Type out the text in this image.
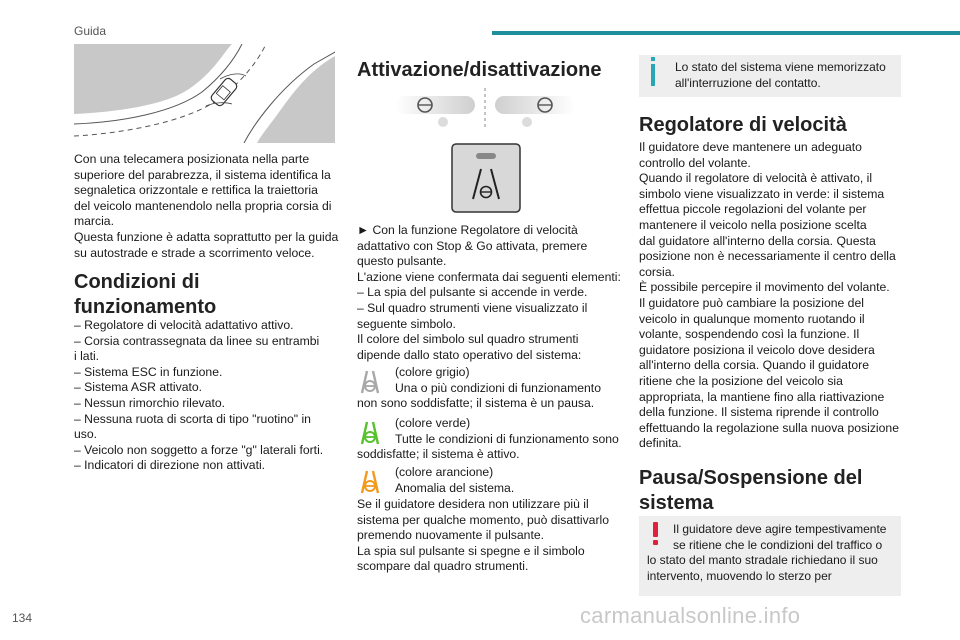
Guida
134	carmanualsonline.info

Con una telecamera posizionata nella parte

superiore del parabrezza, il sistema identifica la

segnaletica orizzontale e rettifica la traiettoria

del veicolo mantenendolo nella propria corsia di

marcia.

Questa funzione è adatta soprattutto per la guida

su autostrade e strade a scorrimento veloce.

Condizioni di

funzionamento

– Regolatore di velocità adattativo attivo.

– Corsia contrassegnata da linee su entrambi

i lati.

– Sistema ESC in funzione.

– Sistema ASR attivato.

– Nessun rimorchio rilevato.

– Nessuna ruota di scorta di tipo "ruotino" in

uso.

– Veicolo non soggetto a forze "g" laterali forti.

– Indicatori di direzione non attivati.

Attivazione/disattivazione

► Con la funzione Regolatore di velocità

adattativo con Stop & Go attivata, premere

questo pulsante.

L'azione viene confermata dai seguenti elementi:

– La spia del pulsante si accende in verde.

– Sul quadro strumenti viene visualizzato il

seguente simbolo.

Il colore del simbolo sul quadro strumenti

dipende dallo stato operativo del sistema:

(colore grigio)

Una o più condizioni di funzionamento

non sono soddisfatte; il sistema è un pausa.

(colore verde)

Tutte le condizioni di funzionamento sono

soddisfatte; il sistema è attivo.

(colore arancione)

Anomalia del sistema.

Se il guidatore desidera non utilizzare più il

sistema per qualche momento, può disattivarlo

premendo nuovamente il pulsante.

La spia sul pulsante si spegne e il simbolo

scompare dal quadro strumenti.

Lo stato del sistema viene memorizzato

all'interruzione del contatto.

Regolatore di velocità

Il guidatore deve mantenere un adeguato

controllo del volante.

Quando il regolatore di velocità è attivato, il

simbolo viene visualizzato in verde: il sistema

effettua piccole regolazioni del volante per

mantenere il veicolo nella posizione scelta

dal guidatore all'interno della corsia. Questa

posizione non è necessariamente il centro della

corsia.

È possibile percepire il movimento del volante.

Il guidatore può cambiare la posizione del

veicolo in qualunque momento ruotando il

volante, sospendendo così la funzione. Il

guidatore posiziona il veicolo dove desidera

all'interno della corsia. Quando il guidatore

ritiene che la posizione del veicolo sia

appropriata, la mantiene fino alla riattivazione

della funzione. Il sistema riprende il controllo

effettuando la regolazione sulla nuova posizione

definita.

Pausa/Sospensione del

sistema

Il guidatore deve agire tempestivamente

se ritiene che le condizioni del traffico o

lo stato del manto stradale richiedano il suo

intervento, muovendo lo sterzo per
